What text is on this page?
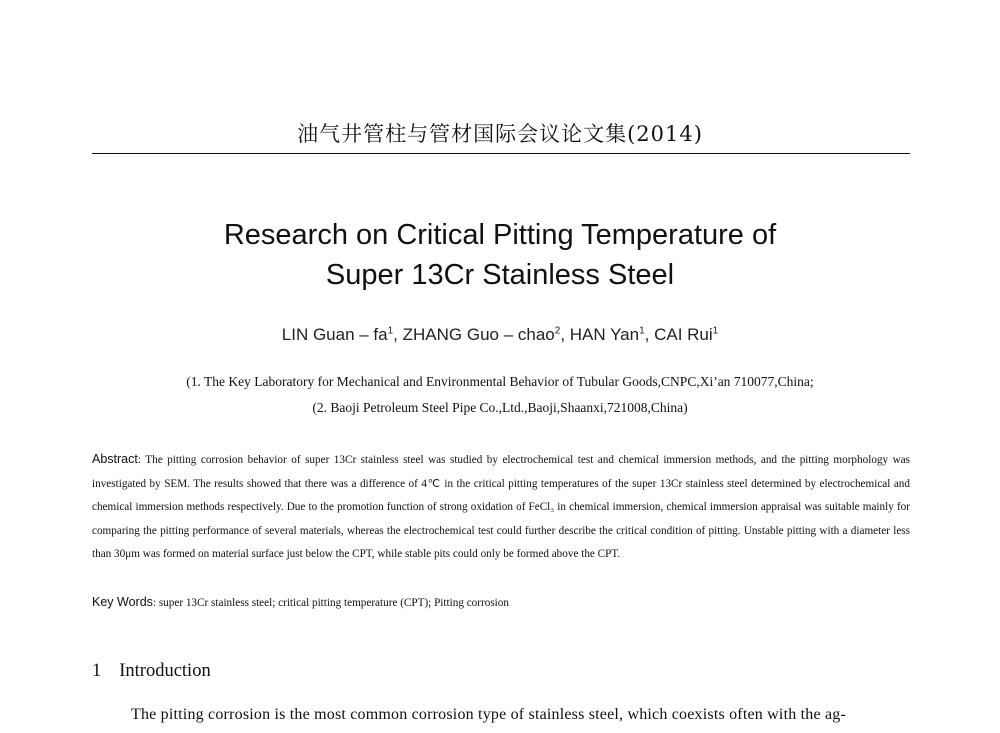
油气井管柱与管材国际会议论文集(2014)
Research on Critical Pitting Temperature of
Super 13Cr Stainless Steel
LIN Guan – $fa^1$, ZHANG Guo – chao$^2$, HAN Yan$^1$, CAI Rui$^1$
(1. The Key Laboratory for Mechanical and Environmental Behavior of Tubular Goods,CNPC,Xi’an 710077,China;
(2. Baoji Petroleum Steel Pipe Co.,Ltd.,Baoji,Shaanxi,721008,China)
Abstract: The pitting corrosion behavior of super 13Cr stainless steel was studied by electrochemical test and chemical immersion methods, and the pitting morphology was investigated by SEM. The results showed that there was a difference of 4℃ in the critical pitting temperatures of the super 13Cr stainless steel determined by electrochemical and chemical immersion methods respectively. Due to the promotion function of strong oxidation of FeCl₃ in chemical immersion, chemical immersion appraisal was suitable mainly for comparing the pitting performance of several materials, whereas the electrochemical test could further describe the critical condition of pitting. Unstable pitting with a diameter less than 30μm was formed on material surface just below the CPT, while stable pits could only be formed above the CPT.
Key Words: super 13Cr stainless steel; critical pitting temperature (CPT); Pitting corrosion
1 Introduction
The pitting corrosion is the most common corrosion type of stainless steel, which coexists often with the ag-
